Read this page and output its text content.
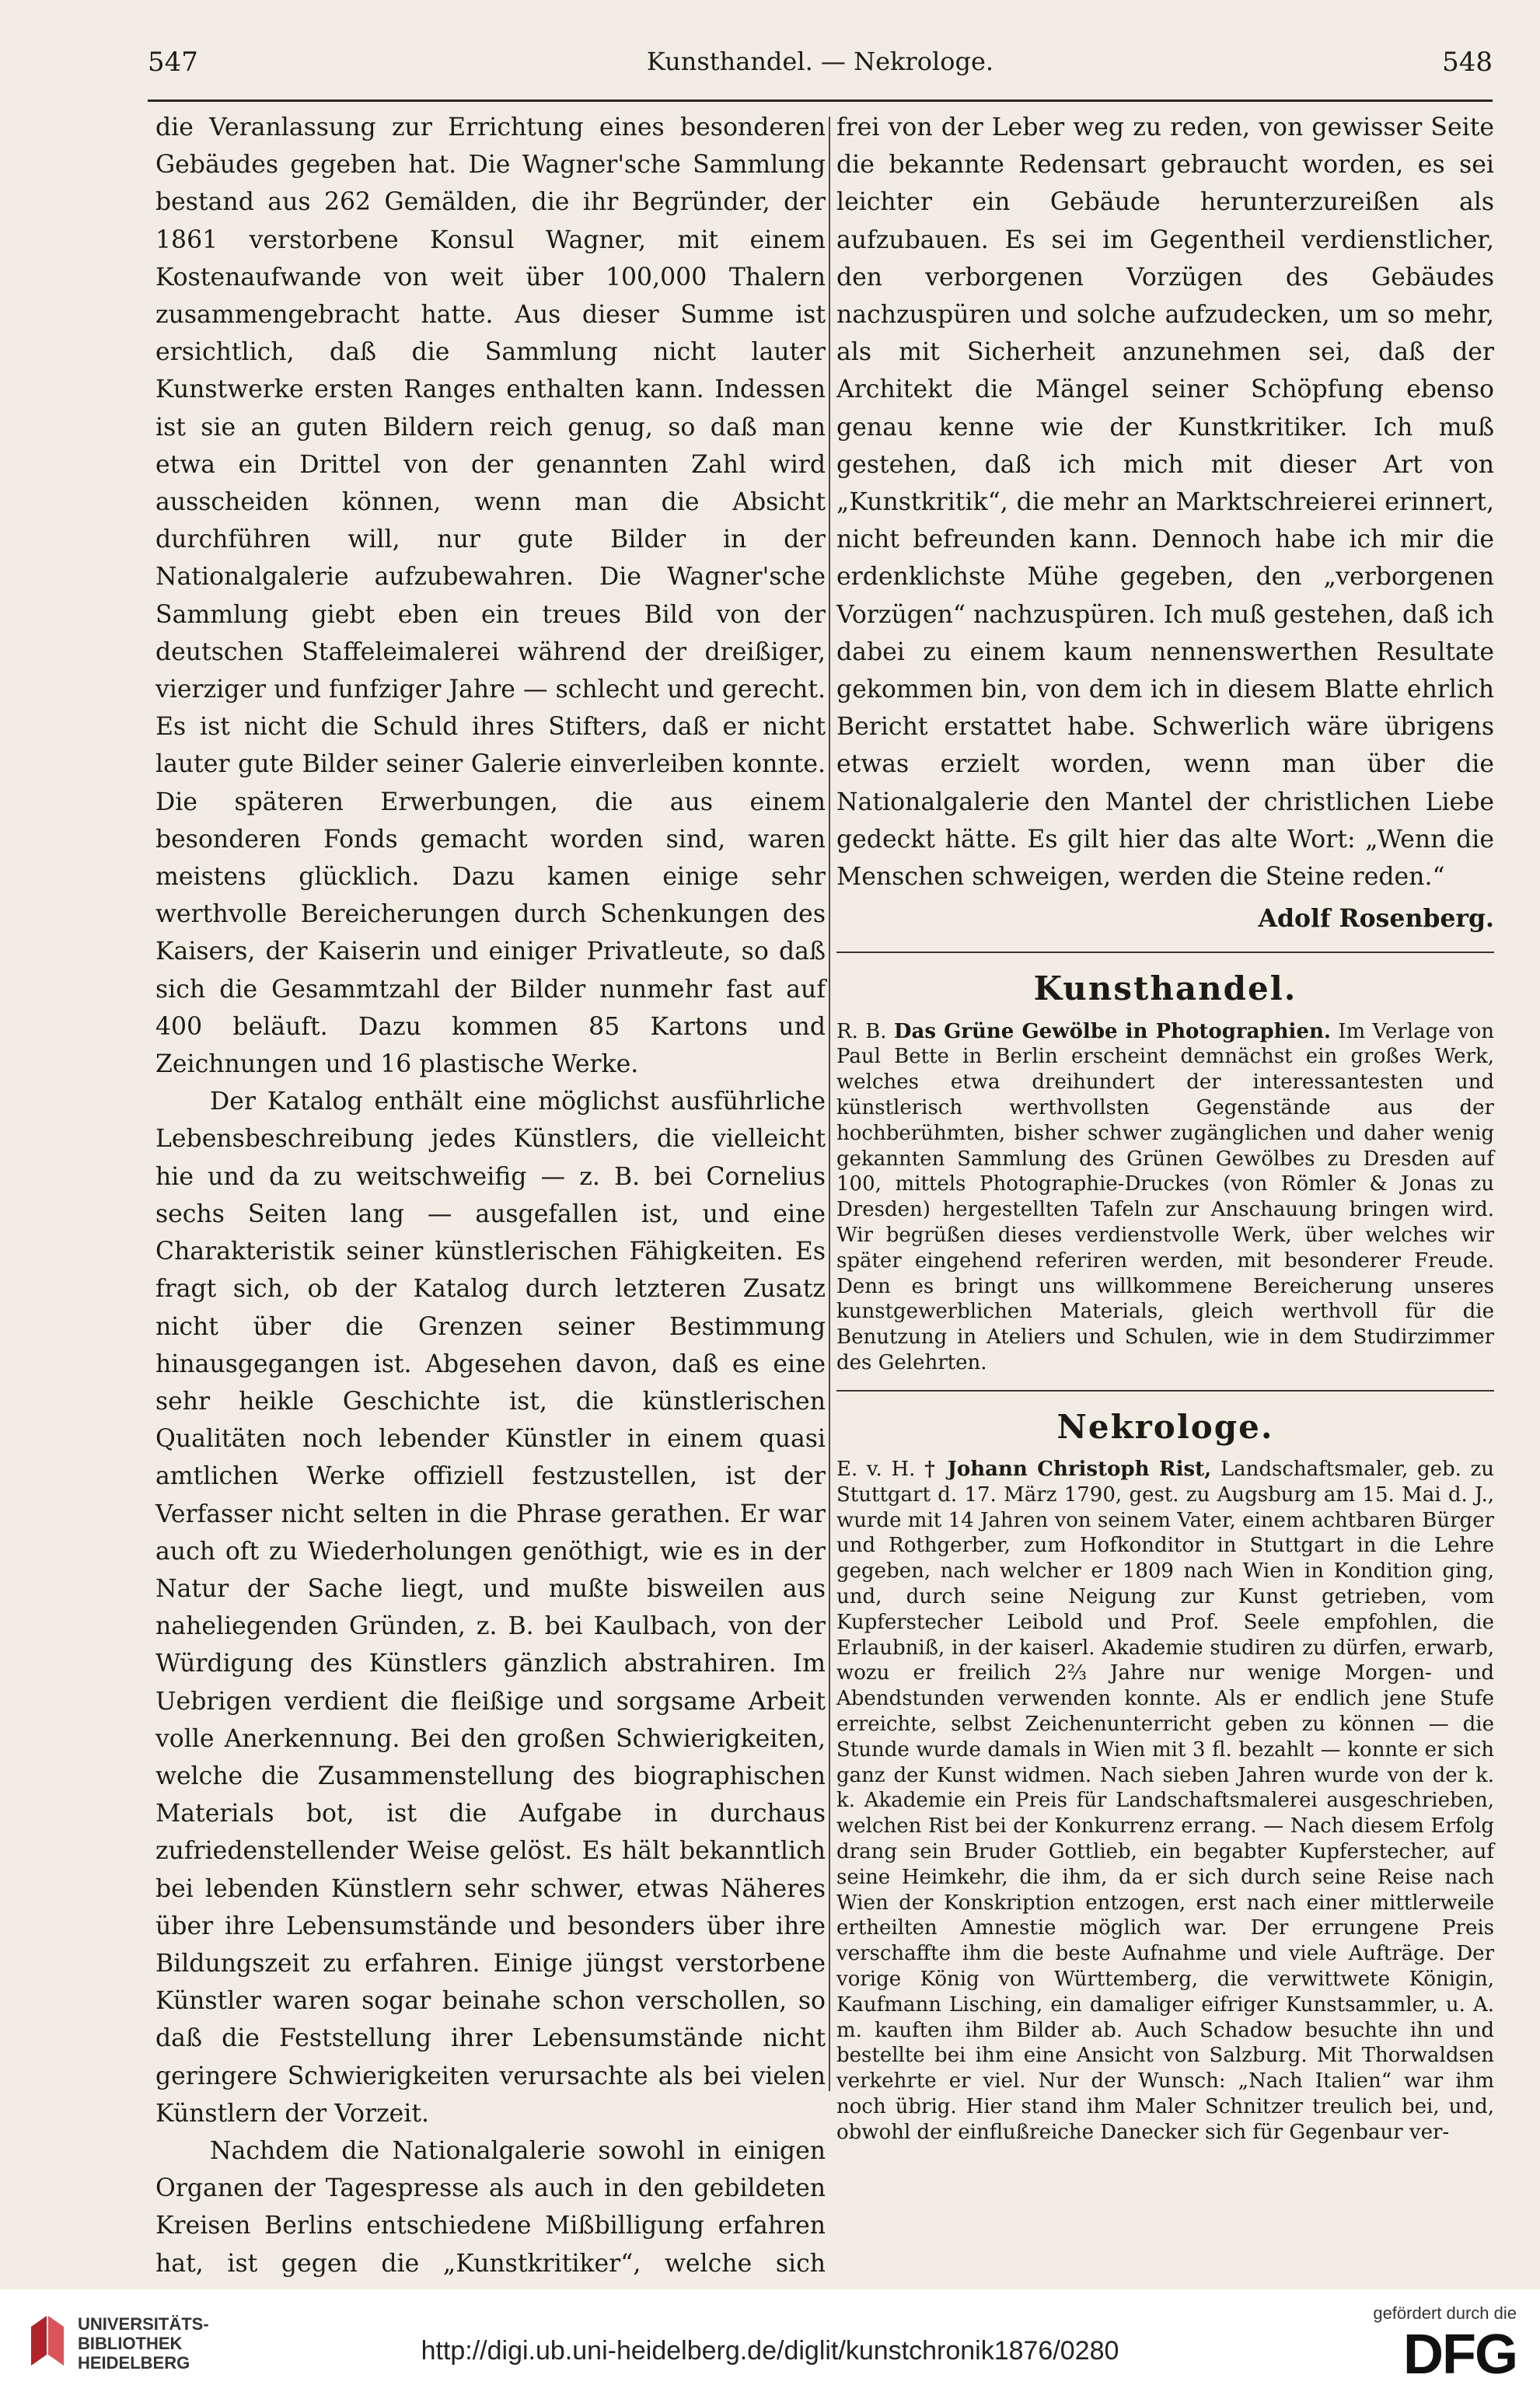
547	Kunsthandel. — Nekrologe.	548

die Veranlassung zur Errichtung eines besonderen Gebäudes gegeben hat. Die Wagner'sche Sammlung bestand aus 262 Gemälden, die ihr Begründer, der 1861 verstorbene Konsul Wagner, mit einem Kostenaufwande von weit über 100,000 Thalern zusammengebracht hatte. Aus dieser Summe ist ersichtlich, daß die Sammlung nicht lauter Kunstwerke ersten Ranges enthalten kann. Indessen ist sie an guten Bildern reich genug, so daß man etwa ein Drittel von der genannten Zahl wird ausscheiden können, wenn man die Absicht durchführen will, nur gute Bilder in der Nationalgalerie aufzubewahren. Die Wagner'sche Sammlung giebt eben ein treues Bild von der deutschen Staffeleimalerei während der dreißiger, vierziger und funfziger Jahre — schlecht und gerecht. Es ist nicht die Schuld ihres Stifters, daß er nicht lauter gute Bilder seiner Galerie einverleiben konnte. Die späteren Erwerbungen, die aus einem besonderen Fonds gemacht worden sind, waren meistens glücklich. Dazu kamen einige sehr werthvolle Bereicherungen durch Schenkungen des Kaisers, der Kaiserin und einiger Privatleute, so daß sich die Gesammtzahl der Bilder nunmehr fast auf 400 beläuft. Dazu kommen 85 Kartons und Zeichnungen und 16 plastische Werke.

Der Katalog enthält eine möglichst ausführliche Lebensbeschreibung jedes Künstlers, die vielleicht hie und da zu weitschweifig — z. B. bei Cornelius sechs Seiten lang — ausgefallen ist, und eine Charakteristik seiner künstlerischen Fähigkeiten. Es fragt sich, ob der Katalog durch letzteren Zusatz nicht über die Grenzen seiner Bestimmung hinausgegangen ist. Abgesehen davon, daß es eine sehr heikle Geschichte ist, die künstlerischen Qualitäten noch lebender Künstler in einem quasi amtlichen Werke offiziell festzustellen, ist der Verfasser nicht selten in die Phrase gerathen. Er war auch oft zu Wiederholungen genöthigt, wie es in der Natur der Sache liegt, und mußte bisweilen aus naheliegenden Gründen, z. B. bei Kaulbach, von der Würdigung des Künstlers gänzlich abstrahiren. Im Uebrigen verdient die fleißige und sorgsame Arbeit volle Anerkennung. Bei den großen Schwierigkeiten, welche die Zusammenstellung des biographischen Materials bot, ist die Aufgabe in durchaus zufriedenstellender Weise gelöst. Es hält bekanntlich bei lebenden Künstlern sehr schwer, etwas Näheres über ihre Lebensumstände und besonders über ihre Bildungszeit zu erfahren. Einige jüngst verstorbene Künstler waren sogar beinahe schon verschollen, so daß die Feststellung ihrer Lebensumstände nicht geringere Schwierigkeiten verursachte als bei vielen Künstlern der Vorzeit.

Nachdem die Nationalgalerie sowohl in einigen Organen der Tagespresse als auch in den gebildeten Kreisen Berlins entschiedene Mißbilligung erfahren hat, ist gegen die „Kunstkritiker“, welche sich

frei von der Leber weg zu reden, von gewisser Seite die bekannte Redensart gebraucht worden, es sei leichter ein Gebäude herunterzureißen als aufzubauen. Es sei im Gegentheil verdienstlicher, den verborgenen Vorzügen des Gebäudes nachzuspüren und solche aufzudecken, um so mehr, als mit Sicherheit anzunehmen sei, daß der Architekt die Mängel seiner Schöpfung ebenso genau kenne wie der Kunstkritiker. Ich muß gestehen, daß ich mich mit dieser Art von „Kunstkritik“, die mehr an Marktschreierei erinnert, nicht befreunden kann. Dennoch habe ich mir die erdenklichste Mühe gegeben, den „verborgenen Vorzügen“ nachzuspüren. Ich muß gestehen, daß ich dabei zu einem kaum nennenswerthen Resultate gekommen bin, von dem ich in diesem Blatte ehrlich Bericht erstattet habe. Schwerlich wäre übrigens etwas erzielt worden, wenn man über die Nationalgalerie den Mantel der christlichen Liebe gedeckt hätte. Es gilt hier das alte Wort: „Wenn die Menschen schweigen, werden die Steine reden.“

Adolf Rosenberg.
Kunsthandel.
R. B. Das Grüne Gewölbe in Photographien. Im Verlage von Paul Bette in Berlin erscheint demnächst ein großes Werk, welches etwa dreihundert der interessantesten und künstlerisch werthvollsten Gegenstände aus der hochberühmten, bisher schwer zugänglichen und daher wenig gekannten Sammlung des Grünen Gewölbes zu Dresden auf 100, mittels Photographie-Druckes (von Römler & Jonas zu Dresden) hergestellten Tafeln zur Anschauung bringen wird. Wir begrüßen dieses verdienstvolle Werk, über welches wir später eingehend referiren werden, mit besonderer Freude. Denn es bringt uns willkommene Bereicherung unseres kunstgewerblichen Materials, gleich werthvoll für die Benutzung in Ateliers und Schulen, wie in dem Studirzimmer des Gelehrten.
Nekrologe.
E. v. H. † Johann Christoph Rist, Landschaftsmaler, geb. zu Stuttgart d. 17. März 1790, gest. zu Augsburg am 15. Mai d. J., wurde mit 14 Jahren von seinem Vater, einem achtbaren Bürger und Rothgerber, zum Hofkonditor in Stuttgart in die Lehre gegeben, nach welcher er 1809 nach Wien in Kondition ging, und, durch seine Neigung zur Kunst getrieben, vom Kupferstecher Leibold und Prof. Seele empfohlen, die Erlaubniß, in der kaiserl. Akademie studiren zu dürfen, erwarb, wozu er freilich 2⅔ Jahre nur wenige Morgen- und Abendstunden verwenden konnte. Als er endlich jene Stufe erreichte, selbst Zeichenunterricht geben zu können — die Stunde wurde damals in Wien mit 3 fl. bezahlt — konnte er sich ganz der Kunst widmen. Nach sieben Jahren wurde von der k. k. Akademie ein Preis für Landschaftsmalerei ausgeschrieben, welchen Rist bei der Konkurrenz errang. — Nach diesem Erfolg drang sein Bruder Gottlieb, ein begabter Kupferstecher, auf seine Heimkehr, die ihm, da er sich durch seine Reise nach Wien der Konskription entzogen, erst nach einer mittlerweile ertheilten Amnestie möglich war. Der errungene Preis verschaffte ihm die beste Aufnahme und viele Aufträge. Der vorige König von Württemberg, die verwittwete Königin, Kaufmann Lisching, ein damaliger eifriger Kunstsammler, u. A. m. kauften ihm Bilder ab. Auch Schadow besuchte ihn und bestellte bei ihm eine Ansicht von Salzburg. Mit Thorwaldsen verkehrte er viel. Nur der Wunsch: „Nach Italien“ war ihm noch übrig. Hier stand ihm Maler Schnitzer treulich bei, und, obwohl der einflußreiche Danecker sich für Gegenbaur ver-
UNIVERSITÄTS-
BIBLIOTHEK
HEIDELBERG	http://digi.ub.uni-heidelberg.de/diglit/kunstchronik1876/0280
gefördert durch die
DFG
